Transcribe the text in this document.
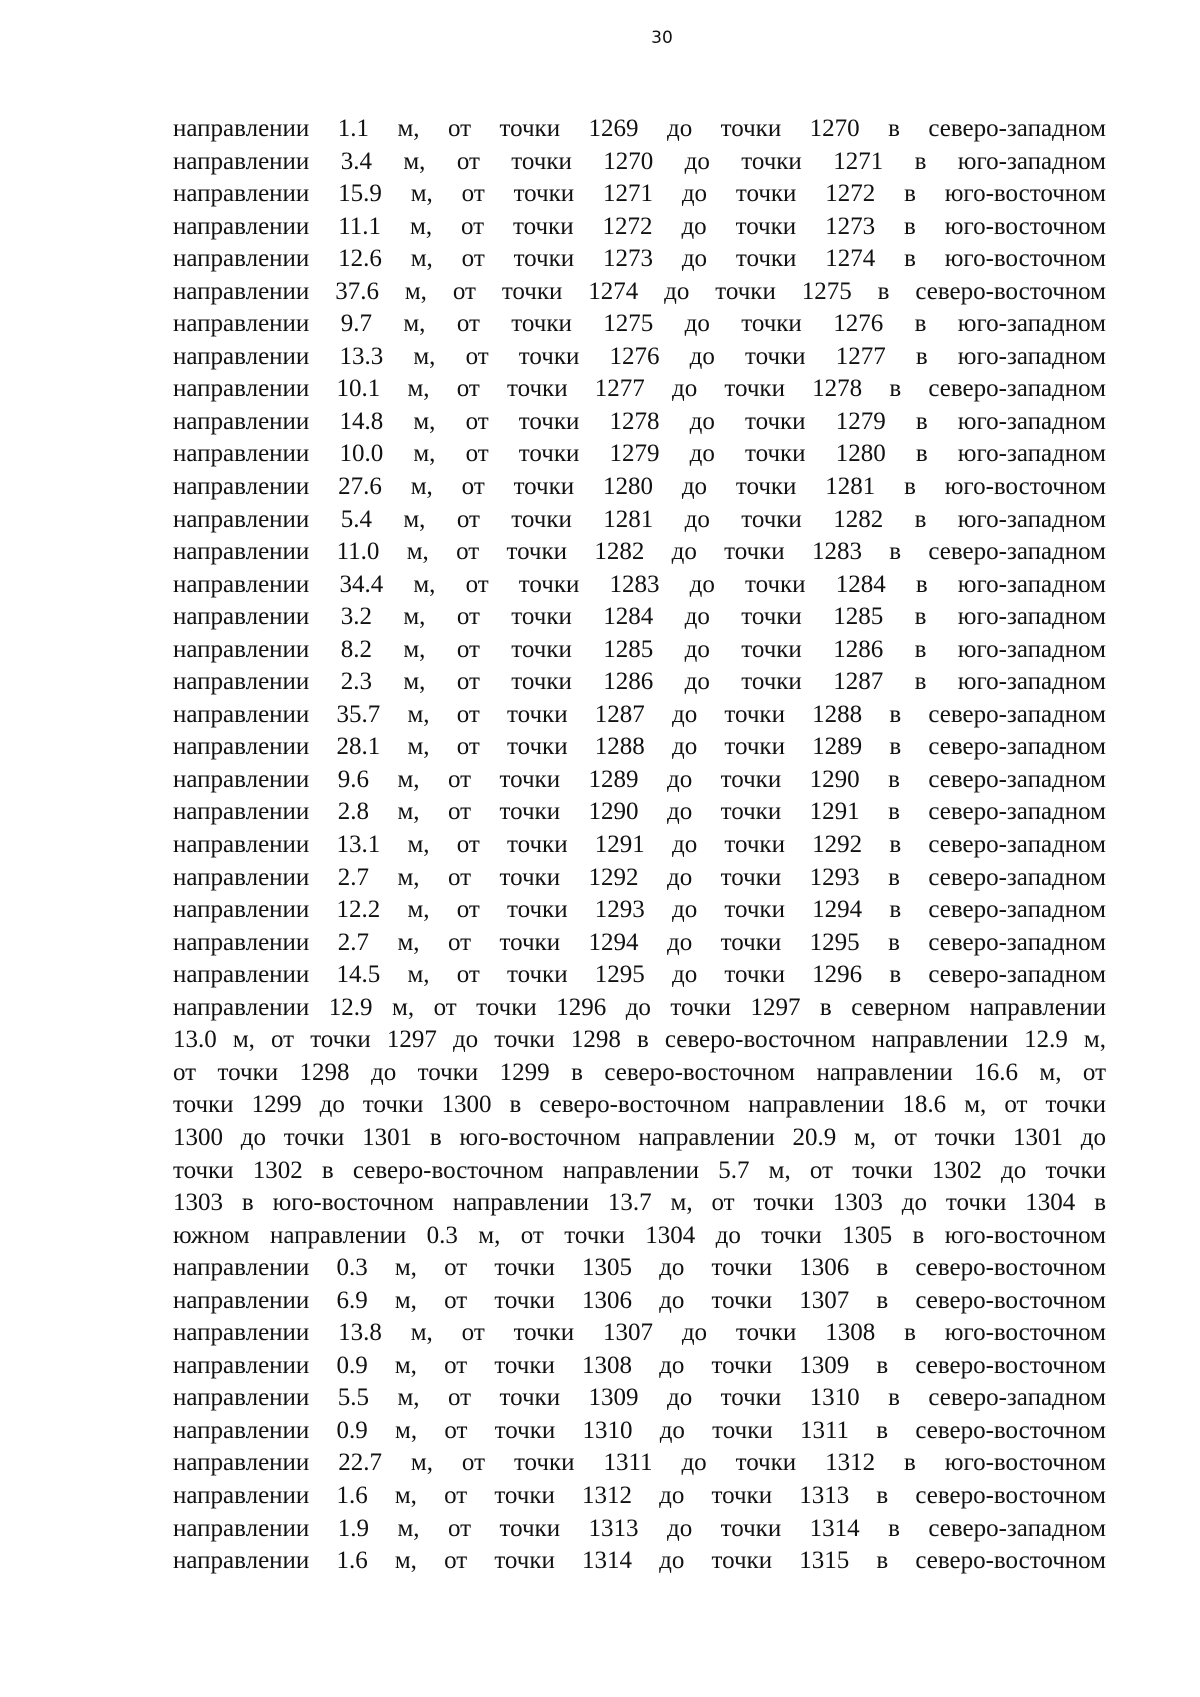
30
направлении 1.1 м, от точки 1269 до точки 1270 в северо-западном
направлении 3.4 м, от точки 1270 до точки 1271 в юго-западном
направлении 15.9 м, от точки 1271 до точки 1272 в юго-восточном
направлении 11.1 м, от точки 1272 до точки 1273 в юго-восточном
направлении 12.6 м, от точки 1273 до точки 1274 в юго-восточном
направлении 37.6 м, от точки 1274 до точки 1275 в северо-восточном
направлении 9.7 м, от точки 1275 до точки 1276 в юго-западном
направлении 13.3 м, от точки 1276 до точки 1277 в юго-западном
направлении 10.1 м, от точки 1277 до точки 1278 в северо-западном
направлении 14.8 м, от точки 1278 до точки 1279 в юго-западном
направлении 10.0 м, от точки 1279 до точки 1280 в юго-западном
направлении 27.6 м, от точки 1280 до точки 1281 в юго-восточном
направлении 5.4 м, от точки 1281 до точки 1282 в юго-западном
направлении 11.0 м, от точки 1282 до точки 1283 в северо-западном
направлении 34.4 м, от точки 1283 до точки 1284 в юго-западном
направлении 3.2 м, от точки 1284 до точки 1285 в юго-западном
направлении 8.2 м, от точки 1285 до точки 1286 в юго-западном
направлении 2.3 м, от точки 1286 до точки 1287 в юго-западном
направлении 35.7 м, от точки 1287 до точки 1288 в северо-западном
направлении 28.1 м, от точки 1288 до точки 1289 в северо-западном
направлении 9.6 м, от точки 1289 до точки 1290 в северо-западном
направлении 2.8 м, от точки 1290 до точки 1291 в северо-западном
направлении 13.1 м, от точки 1291 до точки 1292 в северо-западном
направлении 2.7 м, от точки 1292 до точки 1293 в северо-западном
направлении 12.2 м, от точки 1293 до точки 1294 в северо-западном
направлении 2.7 м, от точки 1294 до точки 1295 в северо-западном
направлении 14.5 м, от точки 1295 до точки 1296 в северо-западном
направлении 12.9 м, от точки 1296 до точки 1297 в северном направлении
13.0 м, от точки 1297 до точки 1298 в северо-восточном направлении 12.9 м,
от точки 1298 до точки 1299 в северо-восточном направлении 16.6 м, от
точки 1299 до точки 1300 в северо-восточном направлении 18.6 м, от точки
1300 до точки 1301 в юго-восточном направлении 20.9 м, от точки 1301 до
точки 1302 в северо-восточном направлении 5.7 м, от точки 1302 до точки
1303 в юго-восточном направлении 13.7 м, от точки 1303 до точки 1304 в
южном направлении 0.3 м, от точки 1304 до точки 1305 в юго-восточном
направлении 0.3 м, от точки 1305 до точки 1306 в северо-восточном
направлении 6.9 м, от точки 1306 до точки 1307 в северо-восточном
направлении 13.8 м, от точки 1307 до точки 1308 в юго-восточном
направлении 0.9 м, от точки 1308 до точки 1309 в северо-восточном
направлении 5.5 м, от точки 1309 до точки 1310 в северо-западном
направлении 0.9 м, от точки 1310 до точки 1311 в северо-восточном
направлении 22.7 м, от точки 1311 до точки 1312 в юго-восточном
направлении 1.6 м, от точки 1312 до точки 1313 в северо-восточном
направлении 1.9 м, от точки 1313 до точки 1314 в северо-западном
направлении 1.6 м, от точки 1314 до точки 1315 в северо-восточном
